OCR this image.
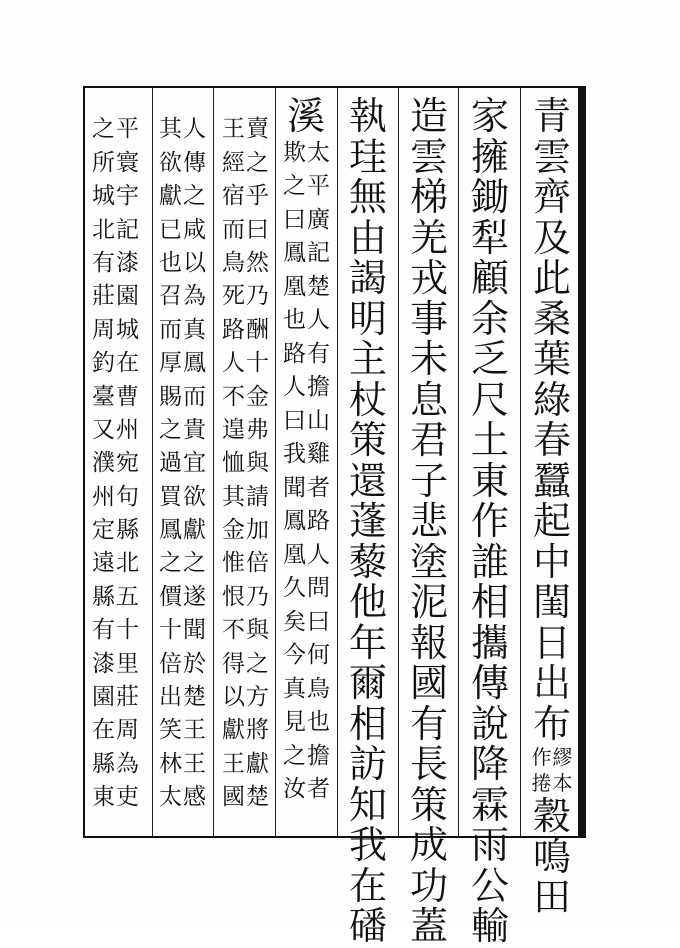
青
雲
齊
及
此
桑
葉
綠
春
蠶
起
中
閨
日
出
布
作
捲
繆
本
穀
鳴
田
家
擁
鋤
犁
顧
余
乏
尺
土
東
作
誰
相
攜
傳
說
降
霖
雨
公
輸
造
雲
梯
羌
戎
事
未
息
君
子
悲
塗
泥
報
國
有
長
策
成
功
蓋
執
珪
無
由
謁
明
主
杖
策
還
蓬
藜
他
年
爾
相
訪
知
我
在
磻
溪
欺
之
曰
鳳
凰
也
路
人
曰
我
聞
鳳
凰
久
矣
今
真
見
之
汝
太
平
廣
記
楚
人
有
擔
山
雞
者
路
人
問
曰
何
鳥
也
擔
者
王
經
宿
而
鳥
死
路
人
不
遑
恤
其
金
惟
恨
不
得
以
獻
王
國
賣
之
乎
曰
然
乃
酬
十
金
弗
與
請
加
倍
乃
與
之
方
將
獻
楚
其
欲
獻
已
也
召
而
厚
賜
之
過
買
鳳
之
價
十
倍
出
笑
林
太
人
傳
之
咸
以
為
真
鳳
而
貴
宜
欲
獻
之
遂
聞
於
楚
王
王
感
之
所
城
北
有
莊
周
釣
臺
又
濮
州
定
遠
縣
有
漆
園
在
縣
東
平
寰
宇
記
漆
園
城
在
曹
州
宛
句
縣
北
五
十
里
莊
周
為
吏
